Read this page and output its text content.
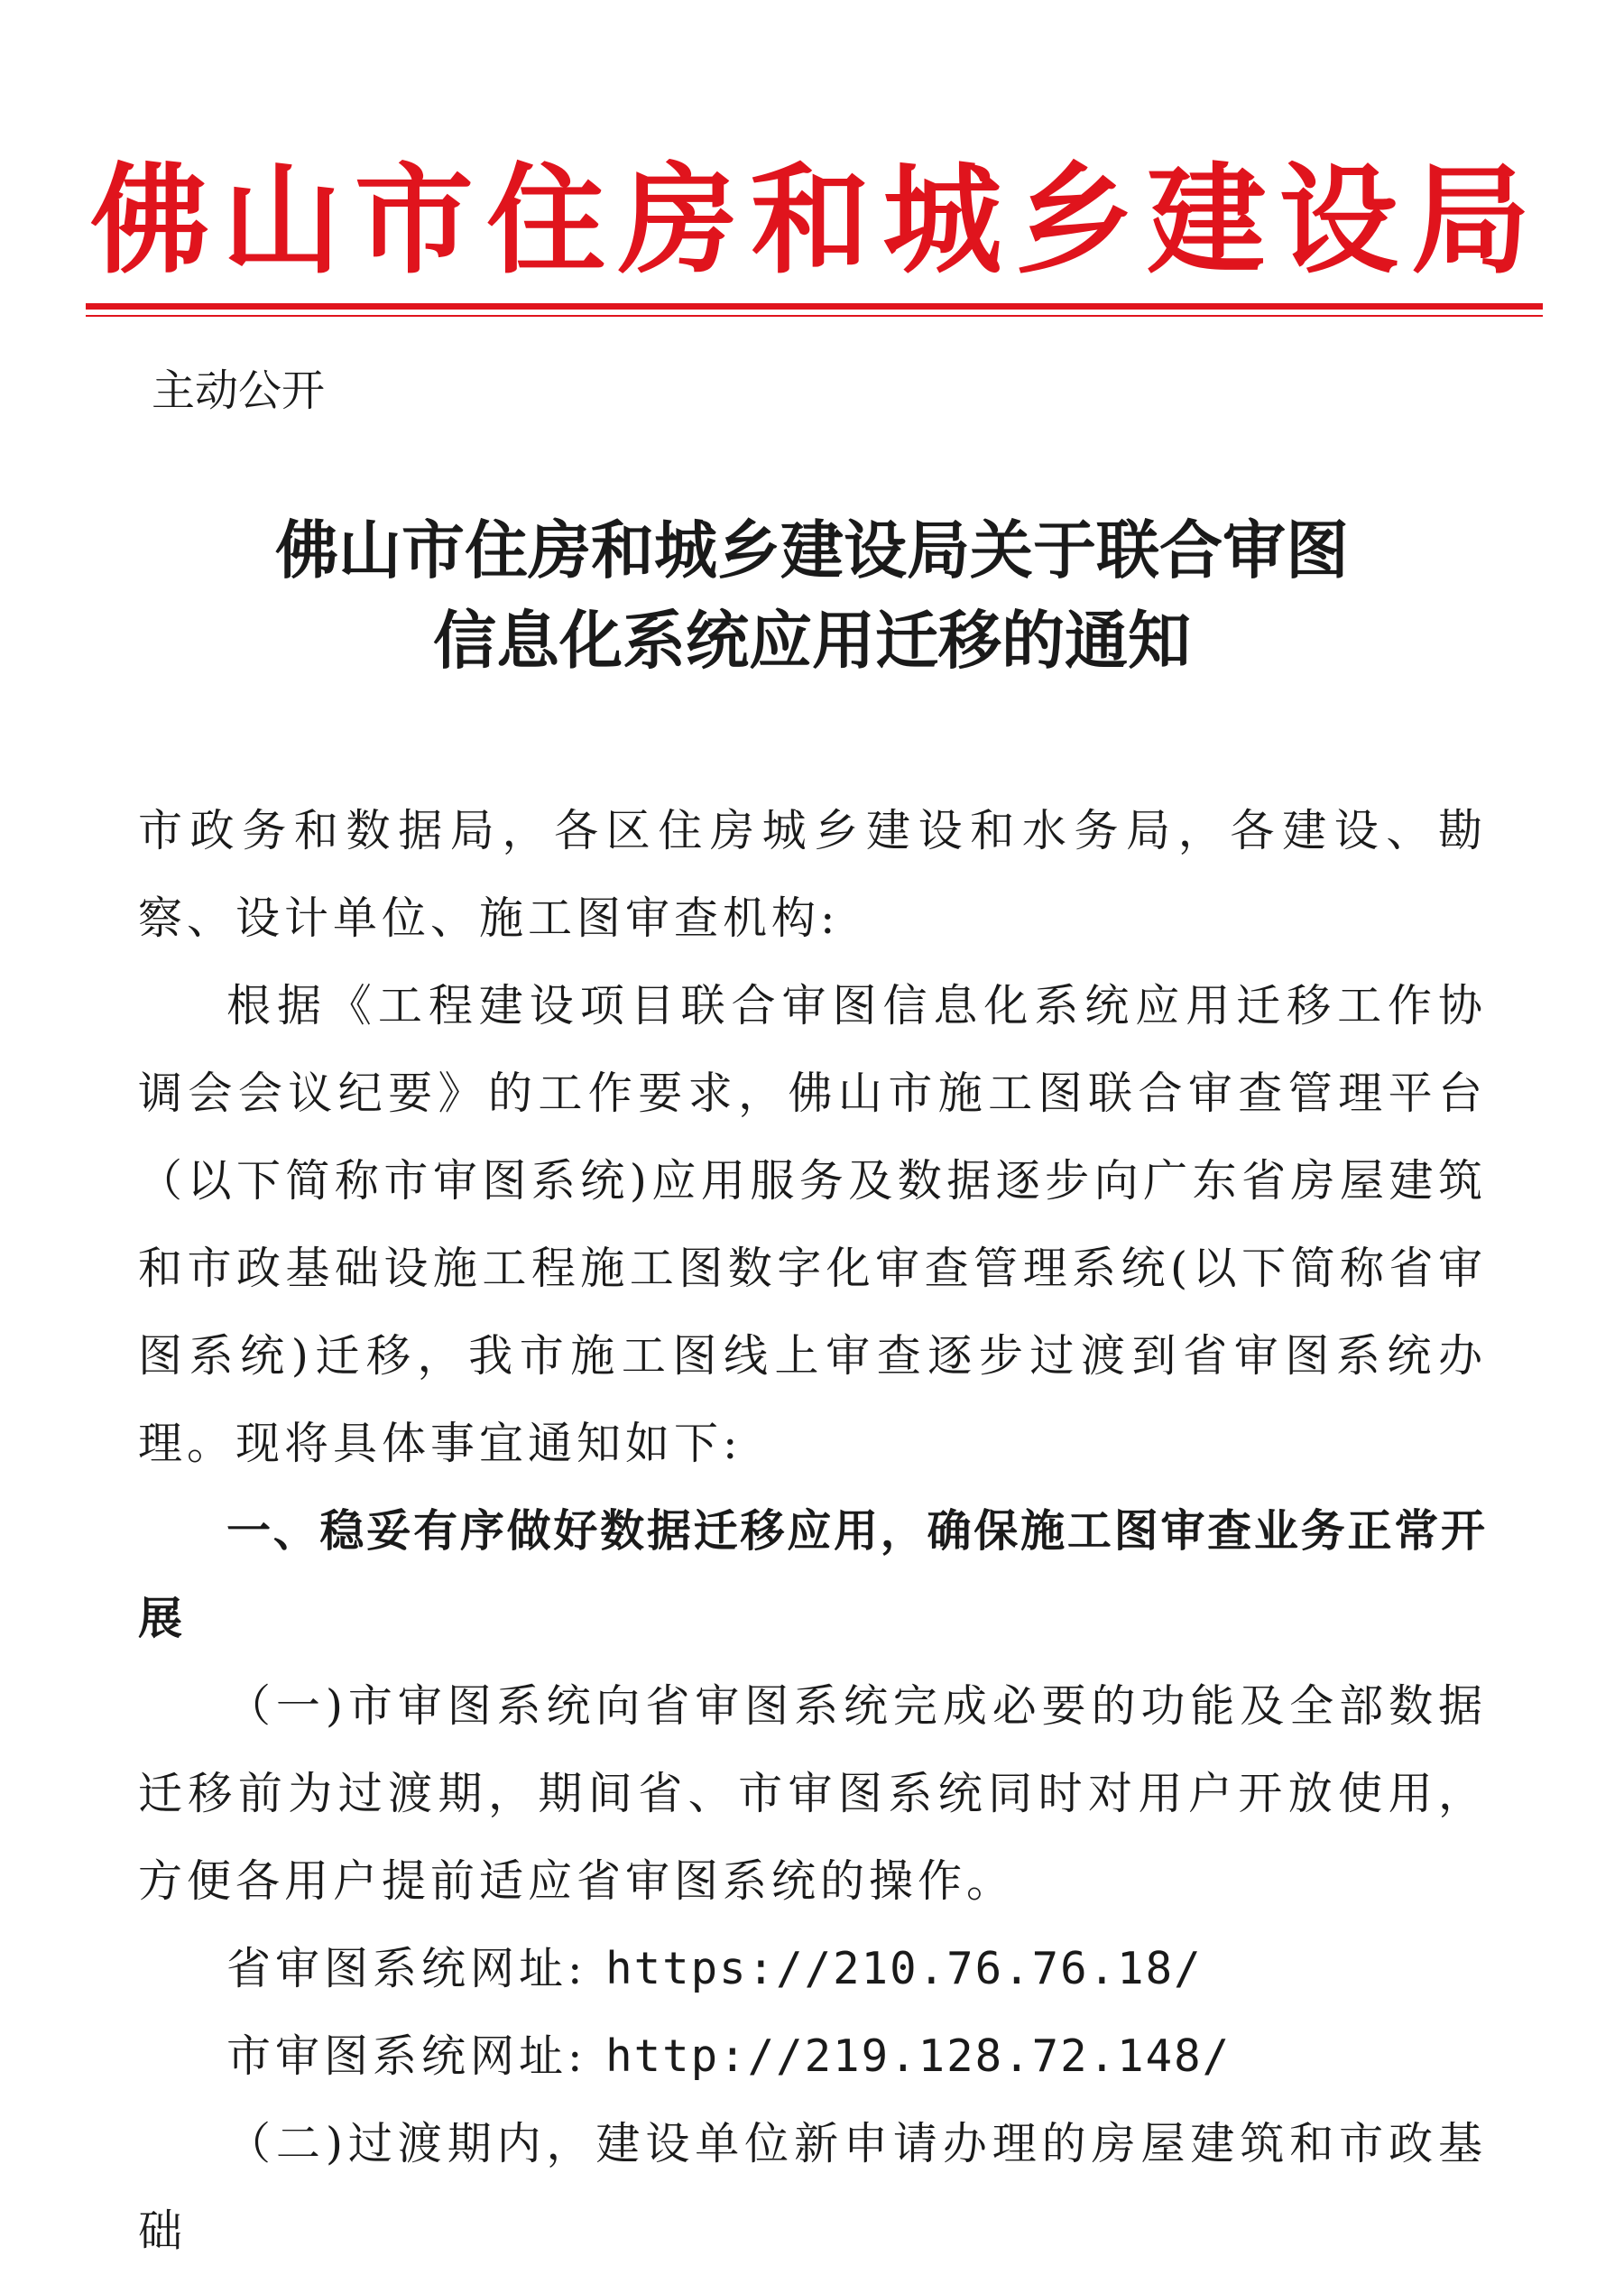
佛山市住房和城乡建设局
主动公开
佛山市住房和城乡建设局关于联合审图
信息化系统应用迁移的通知

市政务和数据局，各区住房城乡建设和水务局，各建设、勘察、设计单位、施工图审查机构:

根据《工程建设项目联合审图信息化系统应用迁移工作协调会会议纪要》的工作要求，佛山市施工图联合审查管理平台（以下简称市审图系统)应用服务及数据逐步向广东省房屋建筑和市政基础设施工程施工图数字化审查管理系统(以下简称省审图系统)迁移，我市施工图线上审查逐步过渡到省审图系统办理。现将具体事宜通知如下:

一、稳妥有序做好数据迁移应用，确保施工图审查业务正常开展

（一)市审图系统向省审图系统完成必要的功能及全部数据迁移前为过渡期，期间省、市审图系统同时对用户开放使用，方便各用户提前适应省审图系统的操作。

省审图系统网址: https://210.76.76.18/
市审图系统网址: http://219.128.72.148/

（二)过渡期内，建设单位新申请办理的房屋建筑和市政基础
